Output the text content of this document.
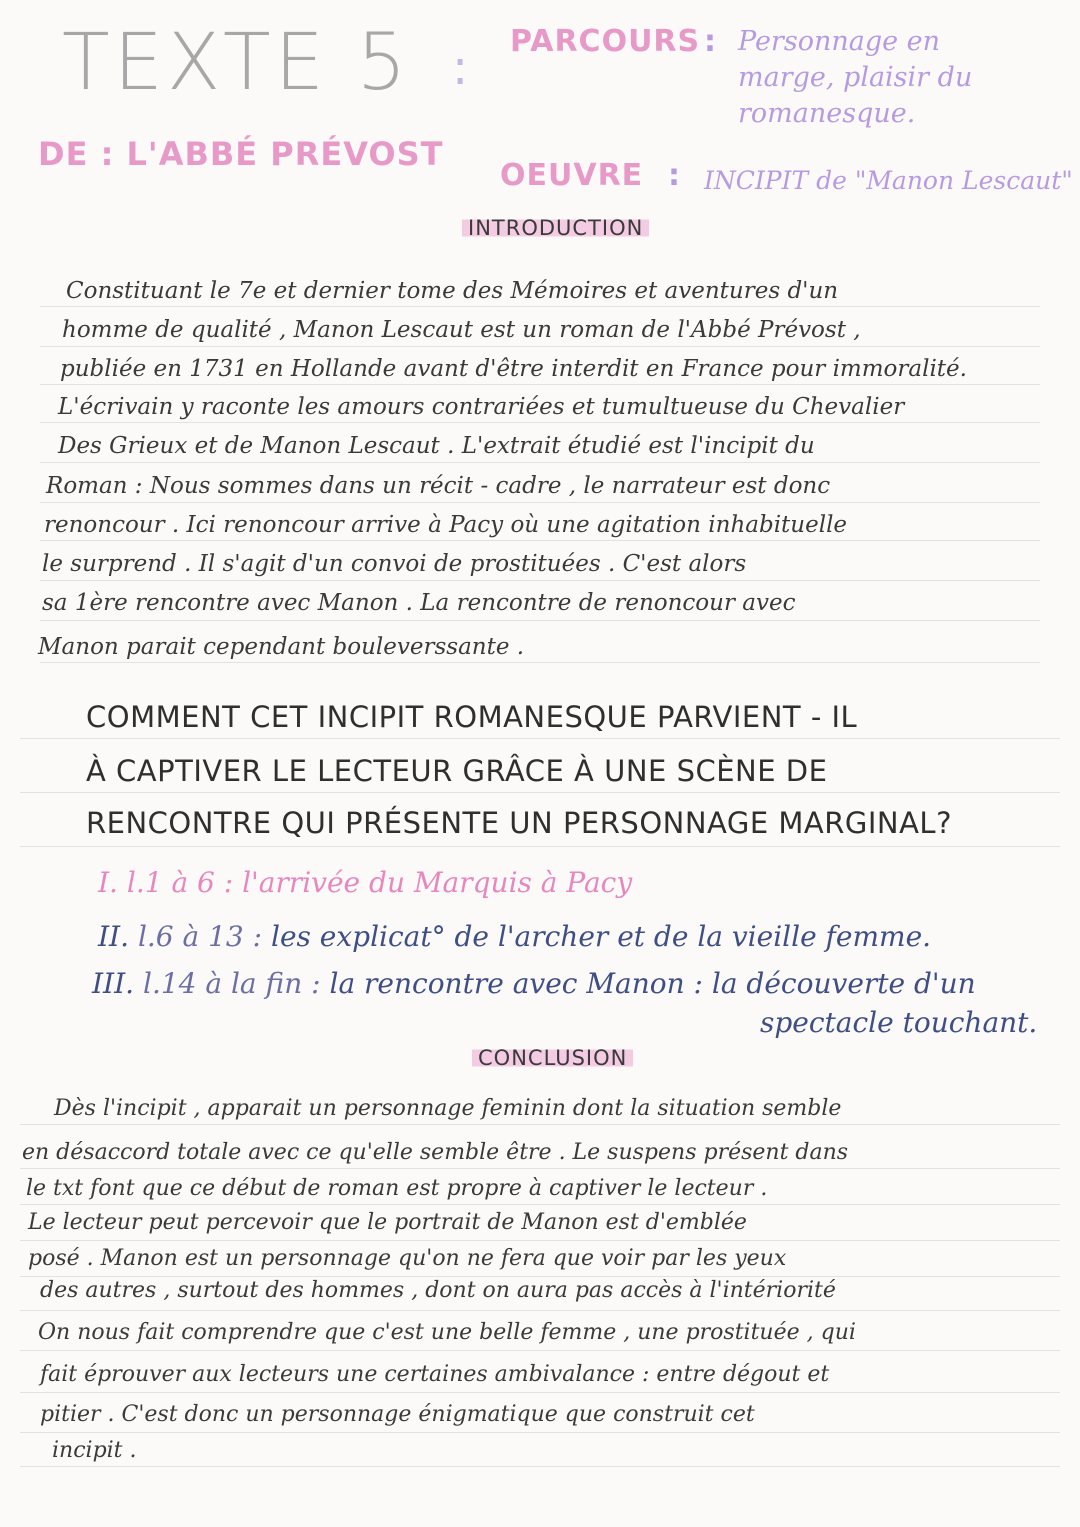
TEXTE 5 :
DE : L'ABBÉ PRÉVOST
PARCOURS : Personnage en
marge, plaisir du
romanesque.
OEUVRE : INCIPIT de "Manon Lescaut"
INTRODUCTION
Constituant le 7e et dernier tome des Mémoires et aventures d'un
homme de qualité , Manon Lescaut est un roman de l'Abbé Prévost ,
publiée en 1731 en Hollande avant d'être interdit en France pour immoralité.
L'écrivain y raconte les amours contrariées et tumultueuse du Chevalier
Des Grieux et de Manon Lescaut . L'extrait étudié est l'incipit du
Roman : Nous sommes dans un récit - cadre , le narrateur est donc
renoncour . Ici renoncour arrive à Pacy où une agitation inhabituelle
le surprend . Il s'agit d'un convoi de prostituées . C'est alors
sa 1ère rencontre avec Manon . La rencontre de renoncour avec
Manon parait cependant bouleverssante .
COMMENT CET INCIPIT ROMANESQUE PARVIENT - IL
À CAPTIVER LE LECTEUR GRÂCE À UNE SCÈNE DE
RENCONTRE QUI PRÉSENTE UN PERSONNAGE MARGINAL?
I. l.1 à 6 : l'arrivée du Marquis à Pacy
II. l.6 à 13 : les explicat° de l'archer et de la vieille femme.
III. l.14 à la fin : la rencontre avec Manon : la découverte d'un
spectacle touchant.
CONCLUSION
Dès l'incipit , apparait un personnage feminin dont la situation semble
en désaccord totale avec ce qu'elle semble être . Le suspens présent dans
le txt font que ce début de roman est propre à captiver le lecteur .
Le lecteur peut percevoir que le portrait de Manon est d'emblée
posé . Manon est un personnage qu'on ne fera que voir par les yeux
des autres , surtout des hommes , dont on aura pas accès à l'intériorité
On nous fait comprendre que c'est une belle femme , une prostituée , qui
fait éprouver aux lecteurs une certaines ambivalance : entre dégout et
pitier . C'est donc un personnage énigmatique que construit cet
incipit .
